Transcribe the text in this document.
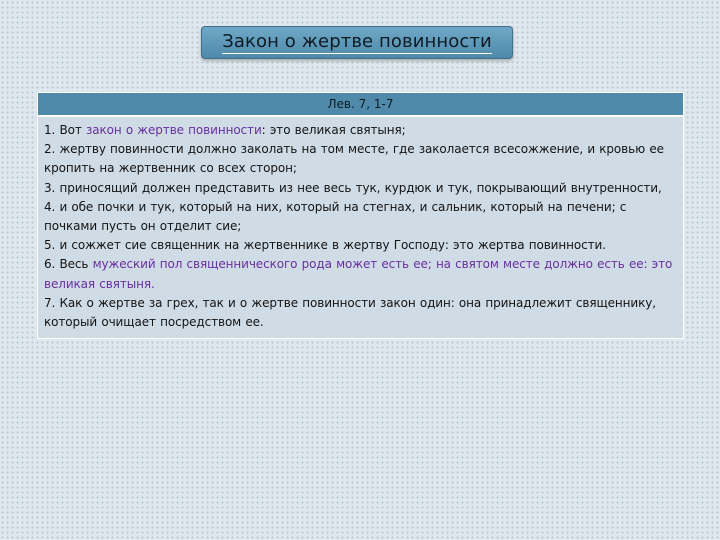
Закон о жертве повинности
Лев. 7, 1-7

1. Вот закон о жертве повинности: это великая святыня;

2. жертву повинности должно заколать на том месте, где заколается всесожжение, и кровью ее кропить на жертвенник со всех сторон;

3. приносящий должен представить из нее весь тук, курдюк и тук, покрывающий внутренности,

4. и обе почки и тук, который на них, который на стегнах, и сальник, который на печени; с почками пусть он отделит сие;

5. и сожжет сие священник на жертвеннике в жертву Господу: это жертва повинности.

6. Весь мужеский пол священнического рода может есть ее; на святом месте должно есть ее: это великая святыня.

7. Как о жертве за грех, так и о жертве повинности закон один: она принадлежит священнику, который очищает посредством ее.
